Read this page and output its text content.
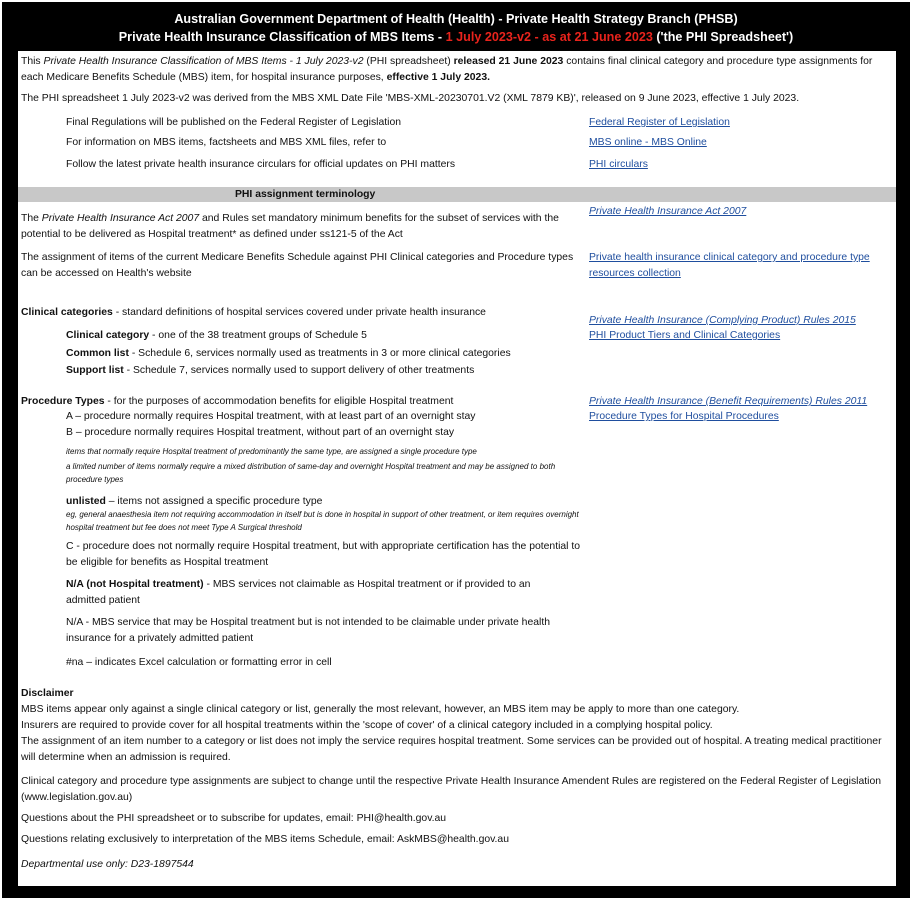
Australian Government Department of Health (Health) - Private Health Strategy Branch (PHSB)
Private Health Insurance Classification of MBS Items - 1 July 2023-v2 - as at 21 June 2023 ('the PHI Spreadsheet')
This Private Health Insurance Classification of MBS Items - 1 July 2023-v2 (PHI spreadsheet) released 21 June 2023 contains final clinical category and procedure type assignments for each Medicare Benefits Schedule (MBS) item, for hospital insurance purposes, effective 1 July 2023.
The PHI spreadsheet 1 July 2023-v2 was derived from the MBS XML Date File 'MBS-XML-20230701.V2 (XML 7879 KB)', released on 9 June 2023, effective 1 July 2023.
Final Regulations will be published on the Federal Register of Legislation	Federal Register of Legislation
For information on MBS items, factsheets and MBS XML files, refer to	MBS online - MBS Online
Follow the latest private health insurance circulars for official updates on PHI matters	PHI circulars
PHI assignment terminology
The Private Health Insurance Act 2007 and Rules set mandatory minimum benefits for the subset of services with the potential to be delivered as Hospital treatment* as defined under ss121-5 of the Act
Private Health Insurance Act 2007
The assignment of items of the current Medicare Benefits Schedule against PHI Clinical categories and Procedure types can be accessed on Health's website
Private health insurance clinical category and procedure type resources collection
Clinical categories - standard definitions of hospital services covered under private health insurance
Private Health Insurance (Complying Product) Rules 2015
PHI Product Tiers and Clinical Categories
Clinical category - one of the 38 treatment groups of Schedule 5
Common list - Schedule 6, services normally used as treatments in 3 or more clinical categories
Support list - Schedule 7, services normally used to support delivery of other treatments
Procedure Types - for the purposes of accommodation benefits for eligible Hospital treatment	Private Health Insurance (Benefit Requirements) Rules 2011
Procedure Types for Hospital Procedures
A – procedure normally requires Hospital treatment, with at least part of an overnight stay
B – procedure normally requires Hospital treatment, without part of an overnight stay
items that normally require Hospital treatment of predominantly the same type, are assigned a single procedure type
a limited number of items normally require a mixed distribution of same-day and overnight Hospital treatment and may be assigned to both procedure types
unlisted – items not assigned a specific procedure type
eg, general anaesthesia item not requiring accommodation in itself but is done in hospital in support of other treatment, or item requires overnight hospital treatment but fee does not meet Type A Surgical threshold
C - procedure does not normally require Hospital treatment, but with appropriate certification has the potential to be eligible for benefits as Hospital treatment
N/A (not Hospital treatment) - MBS services not claimable as Hospital treatment or if provided to an admitted patient
N/A - MBS service that may be Hospital treatment but is not intended to be claimable under private health insurance for a privately admitted patient
#na – indicates Excel calculation or formatting error in cell
Disclaimer
MBS items appear only against a single clinical category or list, generally the most relevant, however, an MBS item may be apply to more than one category.
Insurers are required to provide cover for all hospital treatments within the 'scope of cover' of a clinical category included in a complying hospital policy.
The assignment of an item number to a category or list does not imply the service requires hospital treatment. Some services can be provided out of hospital. A treating medical practitioner will determine when an admission is required.
Clinical category and procedure type assignments are subject to change until the respective Private Health Insurance Amendent Rules are registered on the Federal Register of Legislation (www.legislation.gov.au)
Questions about the PHI spreadsheet or to subscribe for updates, email: PHI@health.gov.au
Questions relating exclusively to interpretation of the MBS items Schedule, email: AskMBS@health.gov.au
Departmental use only: D23-1897544
